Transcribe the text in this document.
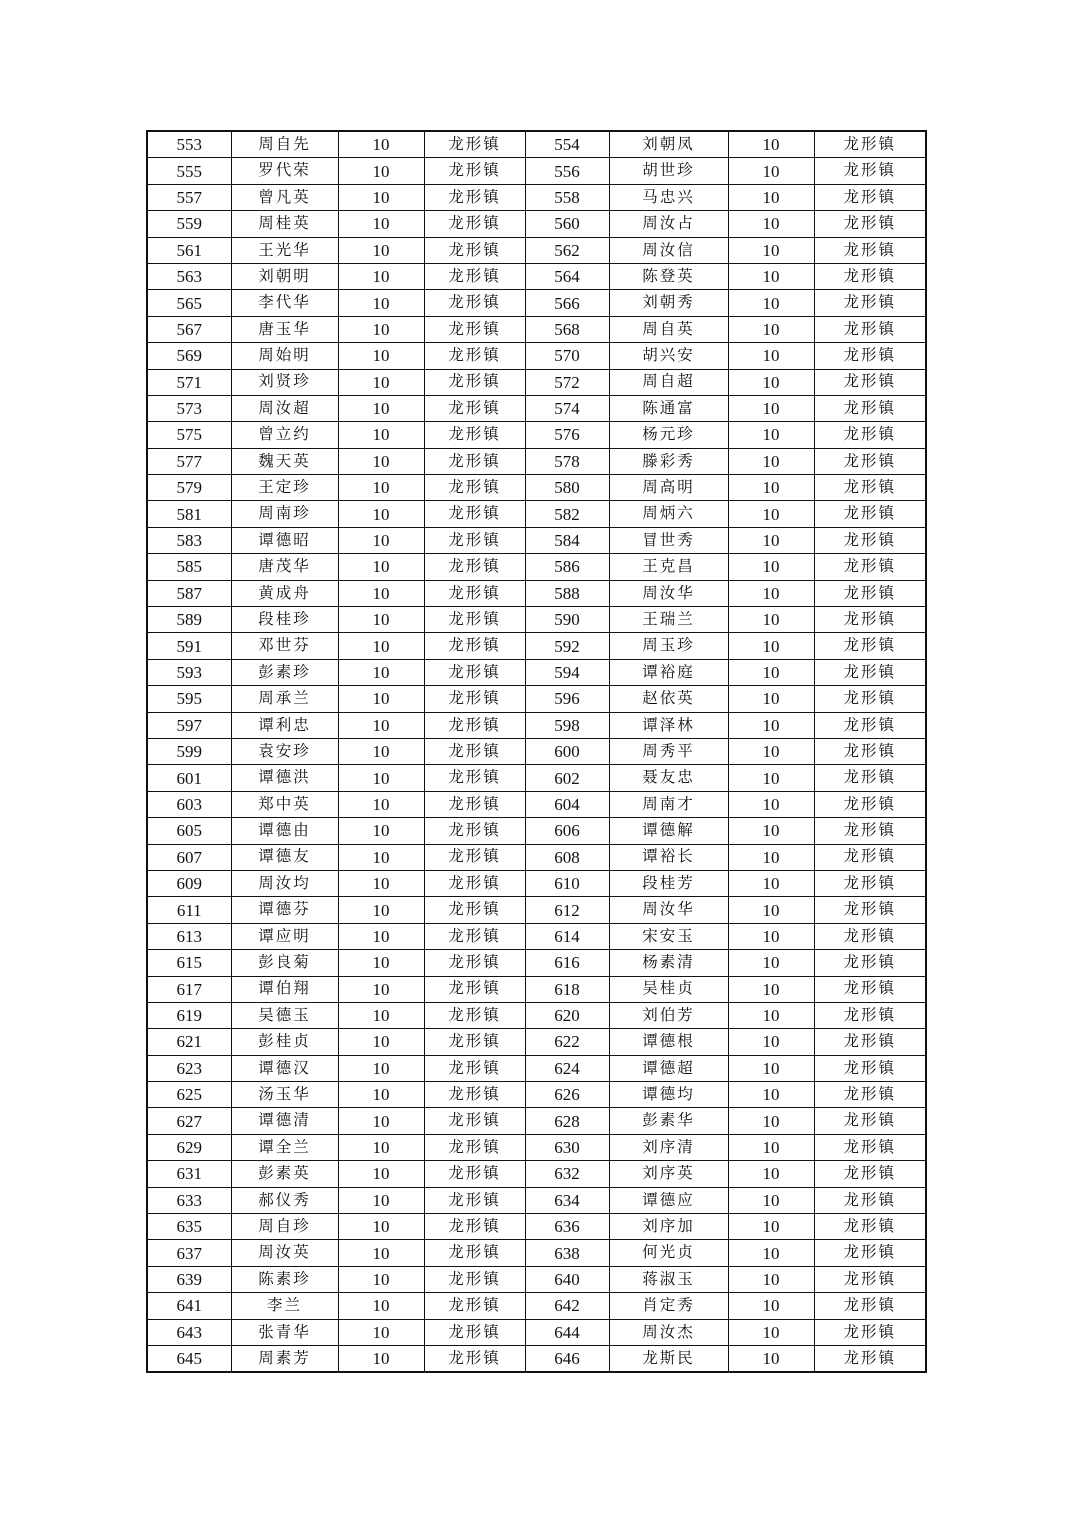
553	周自先	10	龙形镇	554	刘朝凤	10	龙形镇
555	罗代荣	10	龙形镇	556	胡世珍	10	龙形镇
557	曾凡英	10	龙形镇	558	马忠兴	10	龙形镇
559	周桂英	10	龙形镇	560	周汝占	10	龙形镇
561	王光华	10	龙形镇	562	周汝信	10	龙形镇
563	刘朝明	10	龙形镇	564	陈登英	10	龙形镇
565	李代华	10	龙形镇	566	刘朝秀	10	龙形镇
567	唐玉华	10	龙形镇	568	周自英	10	龙形镇
569	周始明	10	龙形镇	570	胡兴安	10	龙形镇
571	刘贤珍	10	龙形镇	572	周自超	10	龙形镇
573	周汝超	10	龙形镇	574	陈通富	10	龙形镇
575	曾立约	10	龙形镇	576	杨元珍	10	龙形镇
577	魏天英	10	龙形镇	578	滕彩秀	10	龙形镇
579	王定珍	10	龙形镇	580	周高明	10	龙形镇
581	周南珍	10	龙形镇	582	周炳六	10	龙形镇
583	谭德昭	10	龙形镇	584	冒世秀	10	龙形镇
585	唐茂华	10	龙形镇	586	王克昌	10	龙形镇
587	黄成舟	10	龙形镇	588	周汝华	10	龙形镇
589	段桂珍	10	龙形镇	590	王瑞兰	10	龙形镇
591	邓世芬	10	龙形镇	592	周玉珍	10	龙形镇
593	彭素珍	10	龙形镇	594	谭裕庭	10	龙形镇
595	周承兰	10	龙形镇	596	赵依英	10	龙形镇
597	谭利忠	10	龙形镇	598	谭泽林	10	龙形镇
599	袁安珍	10	龙形镇	600	周秀平	10	龙形镇
601	谭德洪	10	龙形镇	602	聂友忠	10	龙形镇
603	郑中英	10	龙形镇	604	周南才	10	龙形镇
605	谭德由	10	龙形镇	606	谭德解	10	龙形镇
607	谭德友	10	龙形镇	608	谭裕长	10	龙形镇
609	周汝均	10	龙形镇	610	段桂芳	10	龙形镇
611	谭德芬	10	龙形镇	612	周汝华	10	龙形镇
613	谭应明	10	龙形镇	614	宋安玉	10	龙形镇
615	彭良菊	10	龙形镇	616	杨素清	10	龙形镇
617	谭伯翔	10	龙形镇	618	吴桂贞	10	龙形镇
619	吴德玉	10	龙形镇	620	刘伯芳	10	龙形镇
621	彭桂贞	10	龙形镇	622	谭德根	10	龙形镇
623	谭德汉	10	龙形镇	624	谭德超	10	龙形镇
625	汤玉华	10	龙形镇	626	谭德均	10	龙形镇
627	谭德清	10	龙形镇	628	彭素华	10	龙形镇
629	谭全兰	10	龙形镇	630	刘序清	10	龙形镇
631	彭素英	10	龙形镇	632	刘序英	10	龙形镇
633	郝仪秀	10	龙形镇	634	谭德应	10	龙形镇
635	周自珍	10	龙形镇	636	刘序加	10	龙形镇
637	周汝英	10	龙形镇	638	何光贞	10	龙形镇
639	陈素珍	10	龙形镇	640	蒋淑玉	10	龙形镇
641	李兰	10	龙形镇	642	肖定秀	10	龙形镇
643	张青华	10	龙形镇	644	周汝杰	10	龙形镇
645	周素芳	10	龙形镇	646	龙斯民	10	龙形镇
